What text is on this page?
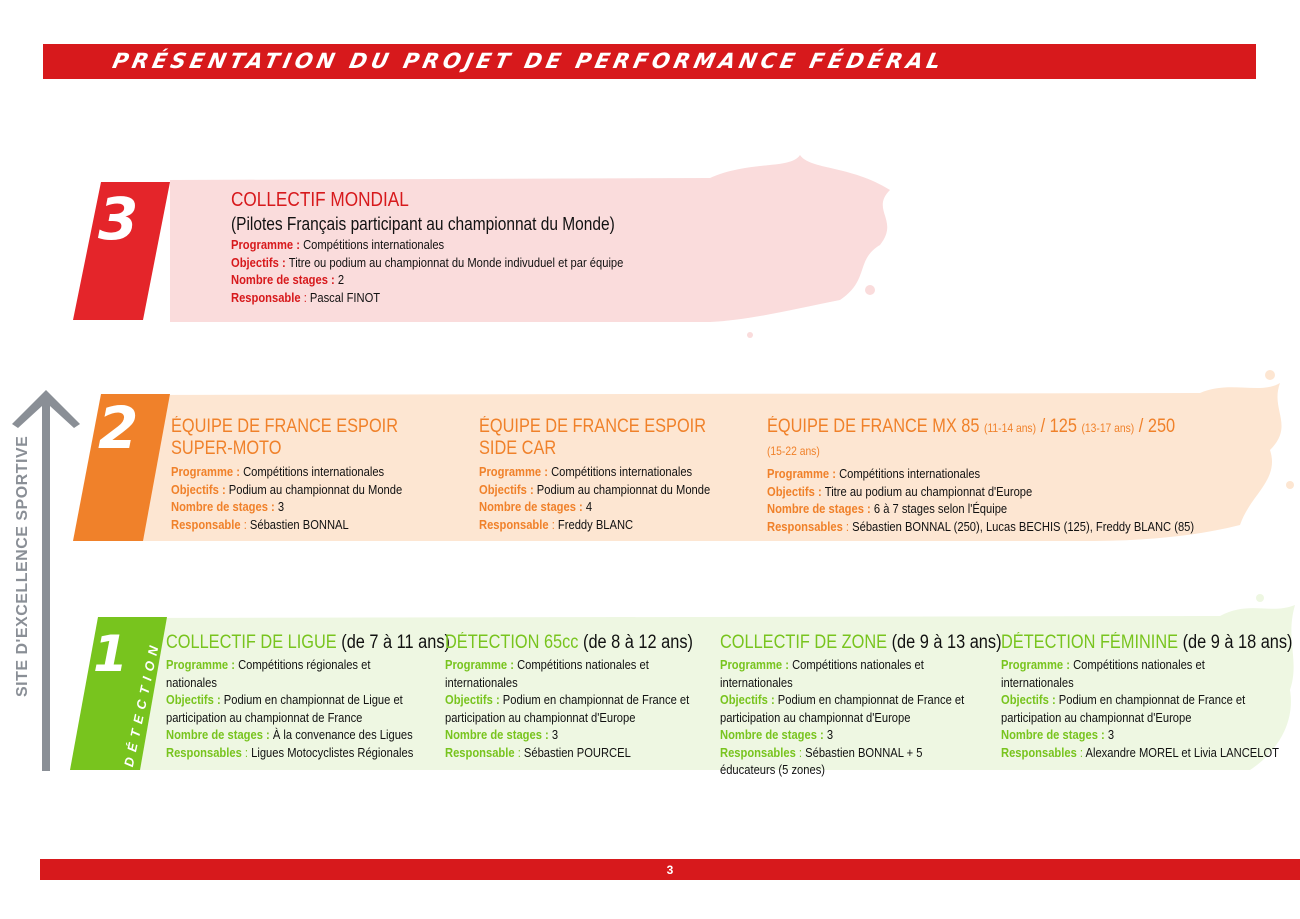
PRÉSENTATION DU PROJET DE PERFORMANCE FÉDÉRAL
3
2
1
DÉTECTION
SITE D'EXCELLENCE SPORTIVE
COLLECTIF MONDIAL
(Pilotes Français participant au championnat du Monde)
Programme : Compétitions internationales
Objectifs : Titre ou podium au championnat du Monde indivuduel et par équipe
Nombre de stages : 2
Responsable : Pascal FINOT
ÉQUIPE DE FRANCE ESPOIR SUPER-MOTO
Programme : Compétitions internationales
Objectifs : Podium au championnat du Monde
Nombre de stages : 3
Responsable : Sébastien BONNAL
ÉQUIPE DE FRANCE ESPOIR SIDE CAR
Programme : Compétitions internationales
Objectifs : Podium au championnat du Monde
Nombre de stages : 4
Responsable : Freddy BLANC
ÉQUIPE DE FRANCE MX 85 (11-14 ans) / 125 (13-17 ans) / 250
(15-22 ans)
Programme : Compétitions internationales
Objectifs : Titre au podium au championnat d'Europe
Nombre de stages : 6 à 7 stages selon l'Équipe
Responsables : Sébastien BONNAL (250), Lucas BECHIS (125), Freddy BLANC (85)
COLLECTIF DE LIGUE (de 7 à 11 ans)
Programme : Compétitions régionales et nationales
Objectifs : Podium en championnat de Ligue et participation au championnat de France
Nombre de stages : À la convenance des Ligues
Responsables : Ligues Motocyclistes Régionales
DÉTECTION 65cc (de 8 à 12 ans)
Programme : Compétitions nationales et internationales
Objectifs : Podium en championnat de France et participation au championnat d'Europe
Nombre de stages : 3
Responsable : Sébastien POURCEL
COLLECTIF DE ZONE (de 9 à 13 ans)
Programme : Compétitions nationales et internationales
Objectifs : Podium en championnat de France et participation au championnat d'Europe
Nombre de stages : 3
Responsables : Sébastien BONNAL + 5 éducateurs (5 zones)
DÉTECTION FÉMININE (de 9 à 18 ans)
Programme : Compétitions nationales et internationales
Objectifs : Podium en championnat de France et participation au championnat d'Europe
Nombre de stages : 3
Responsables : Alexandre MOREL et Livia LANCELOT
3
